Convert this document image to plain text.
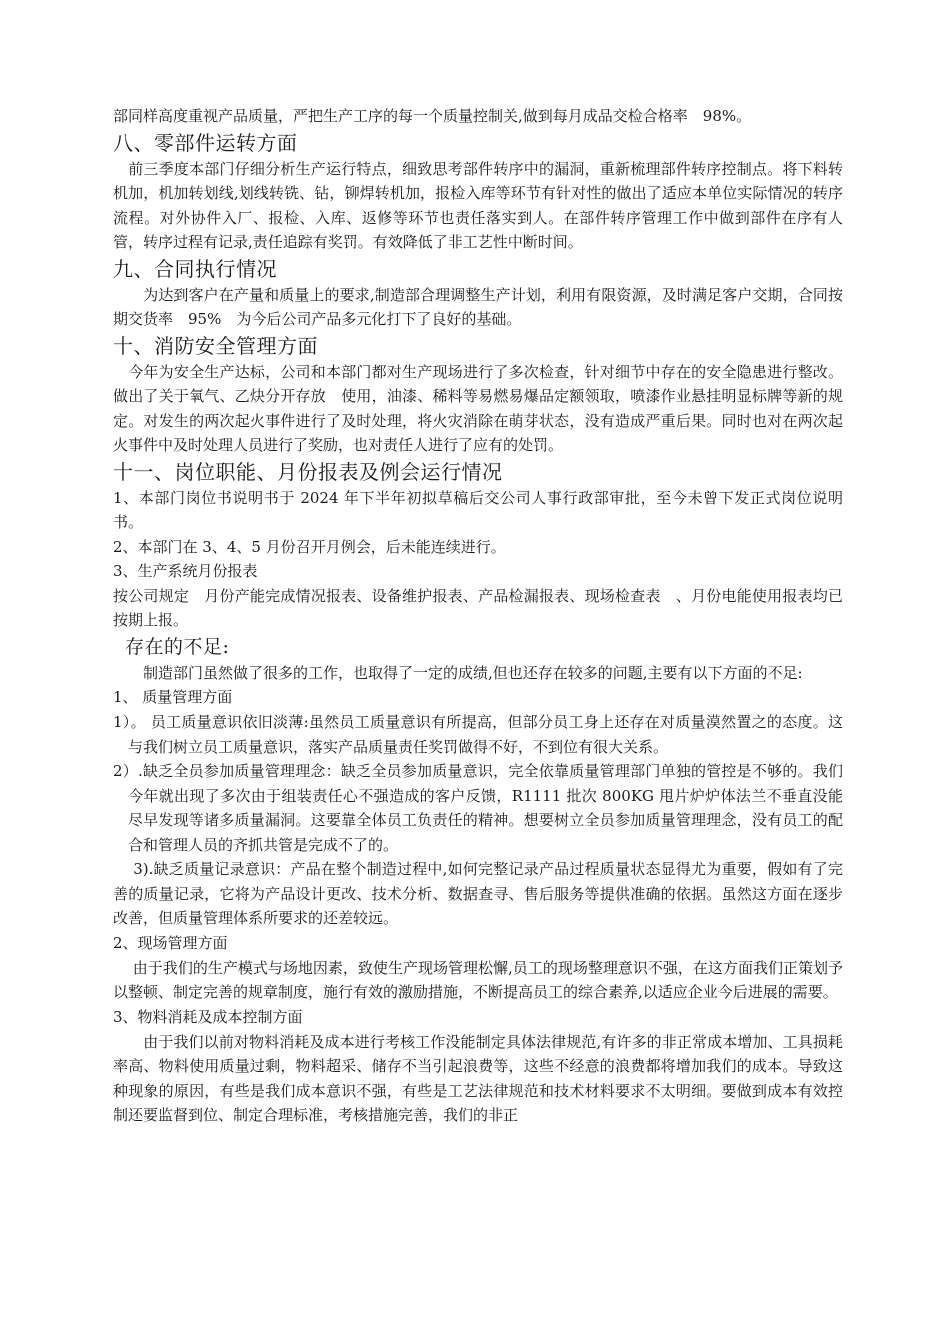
部同样高度重视产品质量，严把生产工序的每一个质量控制关,做到每月成品交检合格率　98%。

八、零部件运转方面

　前三季度本部门仔细分析生产运行特点，细致思考部件转序中的漏洞，重新梳理部件转序控制点。将下料转机加，机加转划线,划线转铣、钻，铆焊转机加，报检入库等环节有针对性的做出了适应本单位实际情况的转序流程。对外协件入厂、报检、入库、返修等环节也责任落实到人。在部件转序管理工作中做到部件在序有人管，转序过程有记录,责任追踪有奖罚。有效降低了非工艺性中断时间。

九、合同执行情况

　　为达到客户在产量和质量上的要求,制造部合理调整生产计划，利用有限资源，及时满足客户交期，合同按期交货率　95%　为今后公司产品多元化打下了良好的基础。

十、消防安全管理方面

　今年为安全生产达标，公司和本部门都对生产现场进行了多次检查，针对细节中存在的安全隐患进行整改。做出了关于氧气、乙炔分开存放　使用，油漆、稀料等易燃易爆品定额领取，喷漆作业悬挂明显标牌等新的规定。对发生的两次起火事件进行了及时处理，将火灾消除在萌芽状态，没有造成严重后果。同时也对在两次起火事件中及时处理人员进行了奖励，也对责任人进行了应有的处罚。

十一、岗位职能、月份报表及例会运行情况

1、本部门岗位书说明书于 2024 年下半年初拟草稿后交公司人事行政部审批，至今未曾下发正式岗位说明书。

2、本部门在 3、4、5 月份召开月例会，后未能连续进行。

3、生产系统月份报表

按公司规定　月份产能完成情况报表、设备维护报表、产品检漏报表、现场检查表　、月份电能使用报表均已按期上报。

存在的不足:

　　制造部门虽然做了很多的工作，也取得了一定的成绩,但也还存在较多的问题,主要有以下方面的不足:

1、 质量管理方面

1）。 员工质量意识依旧淡薄:虽然员工质量意识有所提高，但部分员工身上还存在对质量漠然置之的态度。这与我们树立员工质量意识，落实产品质量责任奖罚做得不好，不到位有很大关系。

2）.缺乏全员参加质量管理理念：缺乏全员参加质量意识，完全依靠质量管理部门单独的管控是不够的。我们今年就出现了多次由于组装责任心不强造成的客户反馈，R1111 批次 800KG 甩片炉炉体法兰不垂直没能尽早发现等诸多质量漏洞。这要靠全体员工负责任的精神。想要树立全员参加质量管理理念，没有员工的配合和管理人员的齐抓共管是完成不了的。

　 3).缺乏质量记录意识：产品在整个制造过程中,如何完整记录产品过程质量状态显得尤为重要，假如有了完善的质量记录，它将为产品设计更改、技术分析、数据查寻、售后服务等提供准确的依据。虽然这方面在逐步改善，但质量管理体系所要求的还差较远。

2、现场管理方面

　 由于我们的生产模式与场地因素，致使生产现场管理松懈,员工的现场整理意识不强，在这方面我们正策划予以整顿、制定完善的规章制度，施行有效的激励措施，不断提高员工的综合素养,以适应企业今后进展的需要。

3、物料消耗及成本控制方面

　　由于我们以前对物料消耗及成本进行考核工作没能制定具体法律规范,有许多的非正常成本增加、工具损耗率高、物料使用质量过剩，物料超采、储存不当引起浪费等，这些不经意的浪费都将增加我们的成本。导致这种现象的原因，有些是我们成本意识不强，有些是工艺法律规范和技术材料要求不太明细。要做到成本有效控制还要监督到位、制定合理标准，考核措施完善，我们的非正
